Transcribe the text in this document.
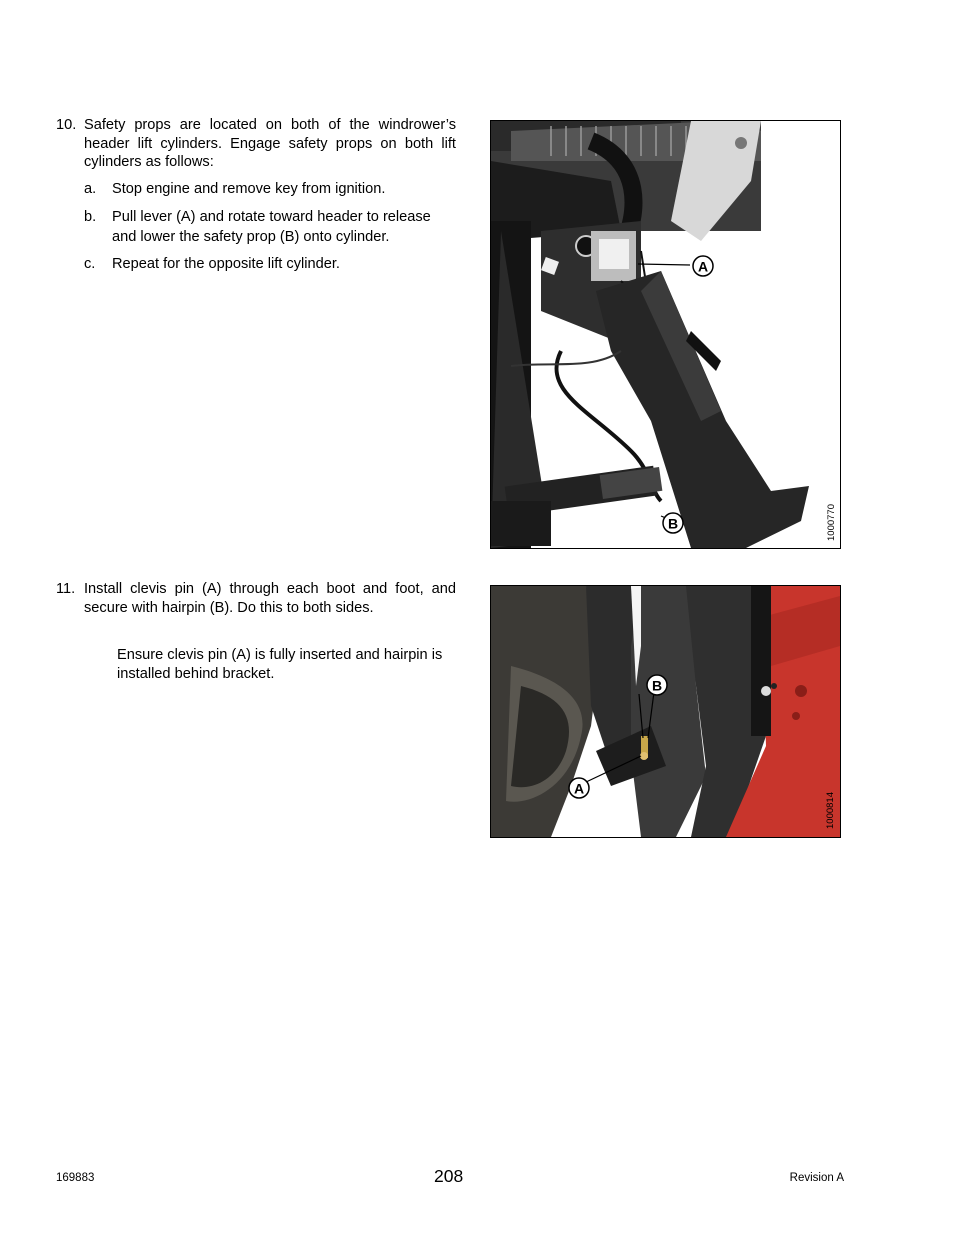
10. Safety props are located on both of the windrower’s header lift cylinders. Engage safety props on both lift cylinders as follows:
a. Stop engine and remove key from ignition.
b. Pull lever (A) and rotate toward header to release and lower the safety prop (B) onto cylinder.
c. Repeat for the opposite lift cylinder.	A
B	1000770
11. Install clevis pin (A) through each boot and foot, and secure with hairpin (B). Do this to both sides.
Ensure clevis pin (A) is fully inserted and hairpin is installed behind bracket.
B
A
1000814
169883	208	Revision A
